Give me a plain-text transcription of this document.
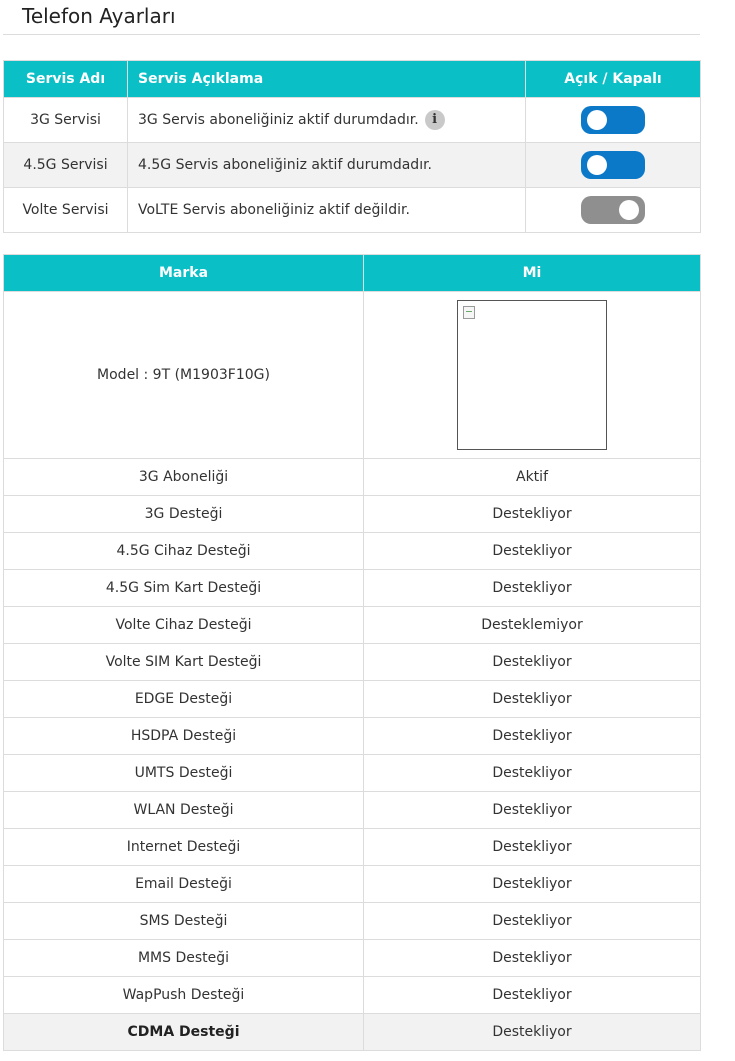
Telefon Ayarları
Servis Adı	Servis Açıklama	Açık / Kapalı
3G Servisi	3G Servis aboneliğiniz aktif durumdadır. i	

4.5G Servisi	4.5G Servis aboneliğiniz aktif durumdadır.	

Volte Servisi	VoLTE Servis aboneliğiniz aktif değildir.	
Marka	Mi
Model : 9T (M1903F10G)	

3G Aboneliği	Aktif
3G Desteği	Destekliyor
4.5G Cihaz Desteği	Destekliyor
4.5G Sim Kart Desteği	Destekliyor
Volte Cihaz Desteği	Desteklemiyor
Volte SIM Kart Desteği	Destekliyor
EDGE Desteği	Destekliyor
HSDPA Desteği	Destekliyor
UMTS Desteği	Destekliyor
WLAN Desteği	Destekliyor
Internet Desteği	Destekliyor
Email Desteği	Destekliyor
SMS Desteği	Destekliyor
MMS Desteği	Destekliyor
WapPush Desteği	Destekliyor
CDMA Desteği	Destekliyor
